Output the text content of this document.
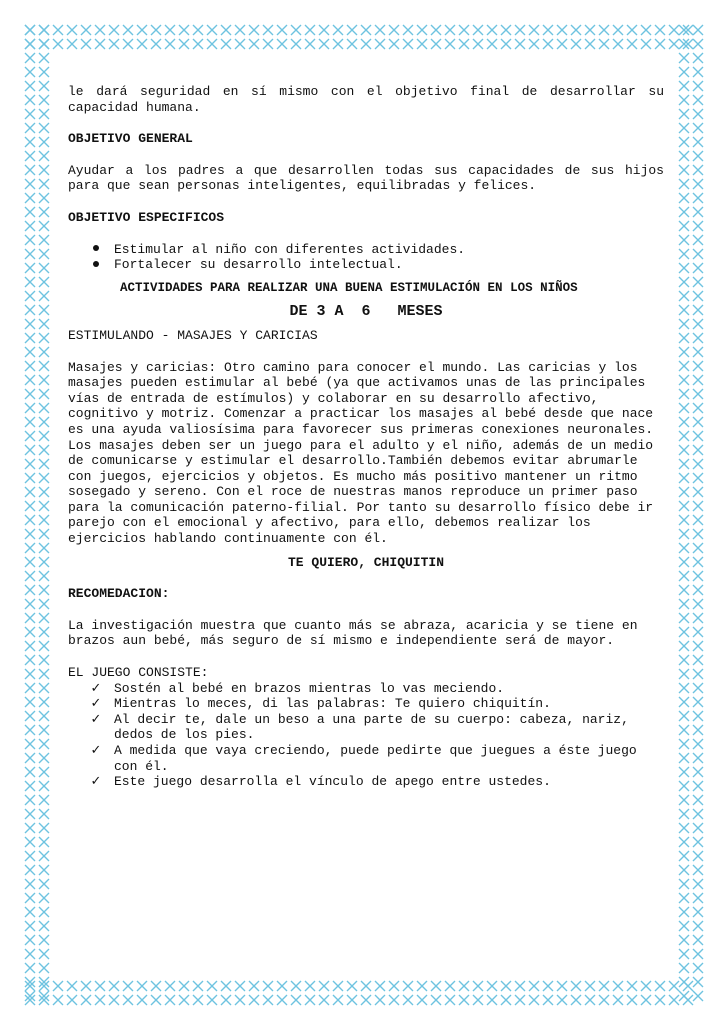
le dará seguridad en sí mismo con el objetivo final de desarrollar su capacidad humana.

OBJETIVO GENERAL

Ayudar a los padres a que desarrollen todas sus capacidades de sus hijos para que sean personas inteligentes, equilibradas y felices.

OBJETIVO ESPECIFICOS

Estimular al niño con diferentes actividades.
Fortalecer su desarrollo intelectual.

ACTIVIDADES PARA REALIZAR UNA BUENA ESTIMULACIÓN EN LOS NIÑOS

DE 3 A  6   MESES

ESTIMULANDO - MASAJES Y CARICIAS

Masajes y caricias: Otro camino para conocer el mundo. Las caricias y los masajes pueden estimular al bebé (ya que activamos unas de las principales vías de entrada de estímulos) y colaborar en su desarrollo afectivo, cognitivo y motriz. Comenzar a practicar los masajes al bebé desde que nace es una ayuda valiosísima para favorecer sus primeras conexiones neuronales. Los masajes deben ser un juego para el adulto y el niño, además de un medio de comunicarse y estimular el desarrollo.También debemos evitar abrumarle con juegos, ejercicios y objetos. Es mucho más positivo mantener un ritmo sosegado y sereno. Con el roce de nuestras manos reproduce un primer paso para la comunicación paterno-filial. Por tanto su desarrollo físico debe ir parejo con el emocional y afectivo, para ello, debemos realizar los ejercicios hablando continuamente con él.

TE QUIERO, CHIQUITIN

RECOMEDACION:

La investigación muestra que cuanto más se abraza, acaricia y se tiene en brazos aun bebé, más seguro de sí mismo e independiente será de mayor.

EL JUEGO CONSISTE:

✓ Sostén al bebé en brazos mientras lo vas meciendo.
✓ Mientras lo meces, di las palabras: Te quiero chiquitín.
✓ Al decir te, dale un beso a una parte de su cuerpo: cabeza, nariz, dedos de los pies.
✓ A medida que vaya creciendo, puede pedirte que juegues a éste juego con él.
✓ Este juego desarrolla el vínculo de apego entre ustedes.
